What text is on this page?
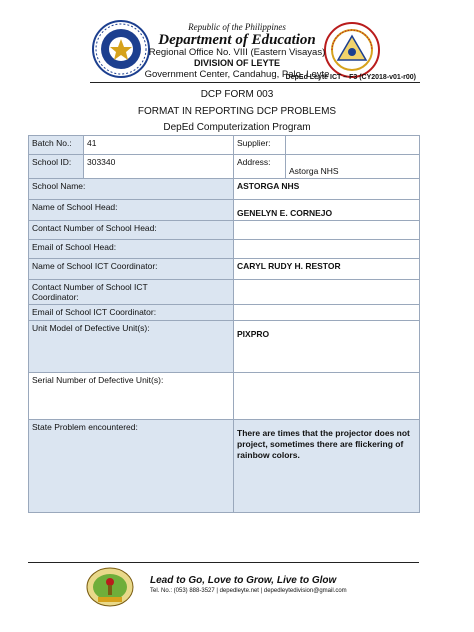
Republic of the Philippines
Department of Education
Regional Office No. VIII (Eastern Visayas)
DIVISION OF LEYTE
Government Center, Candahug, Palo, Leyte
DepEd Leyte ICT – F3 (CY2018-v01-r00)
DCP FORM 003
FORMAT IN REPORTING DCP PROBLEMS
DepEd Computerization Program
Batch No.:	41	Supplier:	
School ID:	303340	Address:	Astorga NHS
School Name:		ASTORGA NHS	
Name of School Head:		GENELYN E. CORNEJO	
Contact Number of School Head:			
Email of School Head:			
Name of School ICT Coordinator:		CARYL RUDY H. RESTOR	

Contact Number of School ICT
Coordinator:			

Email of School ICT Coordinator:			
Unit Model of Defective Unit(s):		PIXPRO	
Serial Number of Defective Unit(s):			
State Problem encountered:		There are times that the projector does not project, sometimes there are flickering of rainbow colors.	
Lead to Go, Love to Grow, Live to Glow
Tel. No.: (053) 888-3527 | depedleyte.net | depedleytedivision@gmail.com
